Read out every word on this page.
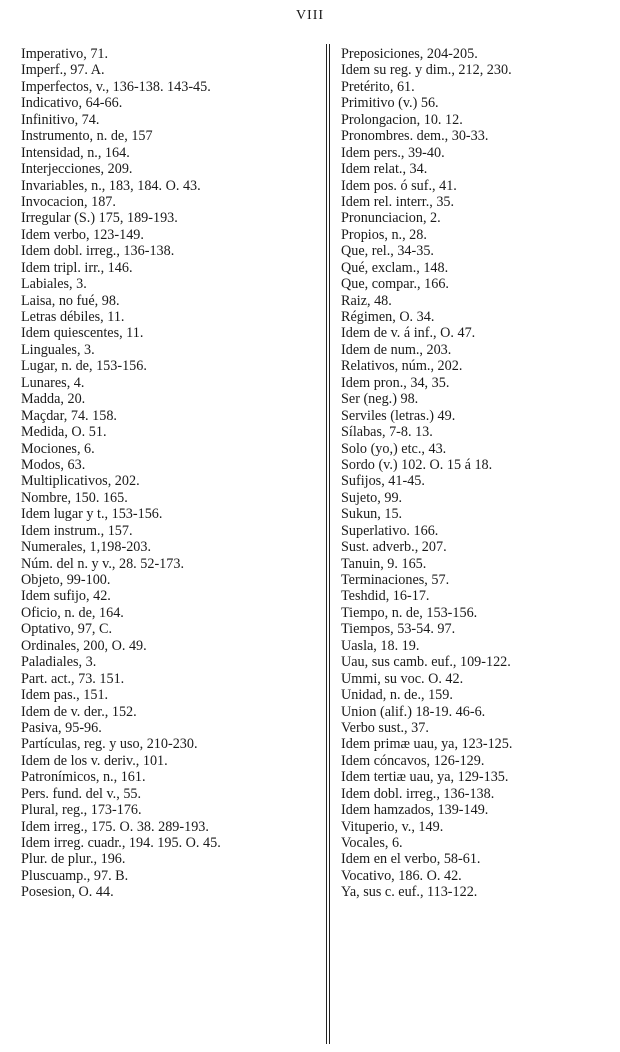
VIII
Imperativo, 71.
Imperf., 97. A.
Imperfectos, v., 136-138. 143-45.
Indicativo, 64-66.
Infinitivo, 74.
Instrumento, n. de, 157
Intensidad, n., 164.
Interjecciones, 209.
Invariables, n., 183, 184. O. 43.
Invocacion, 187.
Irregular (S.) 175, 189-193.
Idem verbo, 123-149.
Idem dobl. irreg., 136-138.
Idem tripl. irr., 146.
Labiales, 3.
Laisa, no fué, 98.
Letras débiles, 11.
Idem quiescentes, 11.
Linguales, 3.
Lugar, n. de, 153-156.
Lunares, 4.
Madda, 20.
Maçdar, 74. 158.
Medida, O. 51.
Mociones, 6.
Modos, 63.
Multiplicativos, 202.
Nombre, 150. 165.
Idem lugar y t., 153-156.
Idem instrum., 157.
Numerales, 1,198-203.
Núm. del n. y v., 28. 52-173.
Objeto, 99-100.
Idem sufijo, 42.
Oficio, n. de, 164.
Optativo, 97, C.
Ordinales, 200, O. 49.
Paladiales, 3.
Part. act., 73. 151.
Idem pas., 151.
Idem de v. der., 152.
Pasiva, 95-96.
Partículas, reg. y uso, 210-230.
Idem de los v. deriv., 101.
Patronímicos, n., 161.
Pers. fund. del v., 55.
Plural, reg., 173-176.
Idem irreg., 175. O. 38. 289-193.
Idem irreg. cuadr., 194. 195. O. 45.
Plur. de plur., 196.
Pluscuamp., 97. B.
Posesion, O. 44.
Preposiciones, 204-205.
Idem su reg. y dim., 212, 230.
Pretérito, 61.
Primitivo (v.) 56.
Prolongacion, 10. 12.
Pronombres. dem., 30-33.
Idem pers., 39-40.
Idem relat., 34.
Idem pos. ó suf., 41.
Idem rel. interr., 35.
Pronunciacion, 2.
Propios, n., 28.
Que, rel., 34-35.
Qué, exclam., 148.
Que, compar., 166.
Raiz, 48.
Régimen, O. 34.
Idem de v. á inf., O. 47.
Idem de num., 203.
Relativos, núm., 202.
Idem pron., 34, 35.
Ser (neg.) 98.
Serviles (letras.) 49.
Sílabas, 7-8. 13.
Solo (yo,) etc., 43.
Sordo (v.) 102. O. 15 á 18.
Sufijos, 41-45.
Sujeto, 99.
Sukun, 15.
Superlativo. 166.
Sust. adverb., 207.
Tanuin, 9. 165.
Terminaciones, 57.
Teshdid, 16-17.
Tiempo, n. de, 153-156.
Tiempos, 53-54. 97.
Uasla, 18. 19.
Uau, sus camb. euf., 109-122.
Ummi, su voc. O. 42.
Unidad, n. de., 159.
Union (alif.) 18-19. 46-6.
Verbo sust., 37.
Idem primæ uau, ya, 123-125.
Idem cóncavos, 126-129.
Idem tertiæ uau, ya, 129-135.
Idem dobl. irreg., 136-138.
Idem hamzados, 139-149.
Vituperio, v., 149.
Vocales, 6.
Idem en el verbo, 58-61.
Vocativo, 186. O. 42.
Ya, sus c. euf., 113-122.
